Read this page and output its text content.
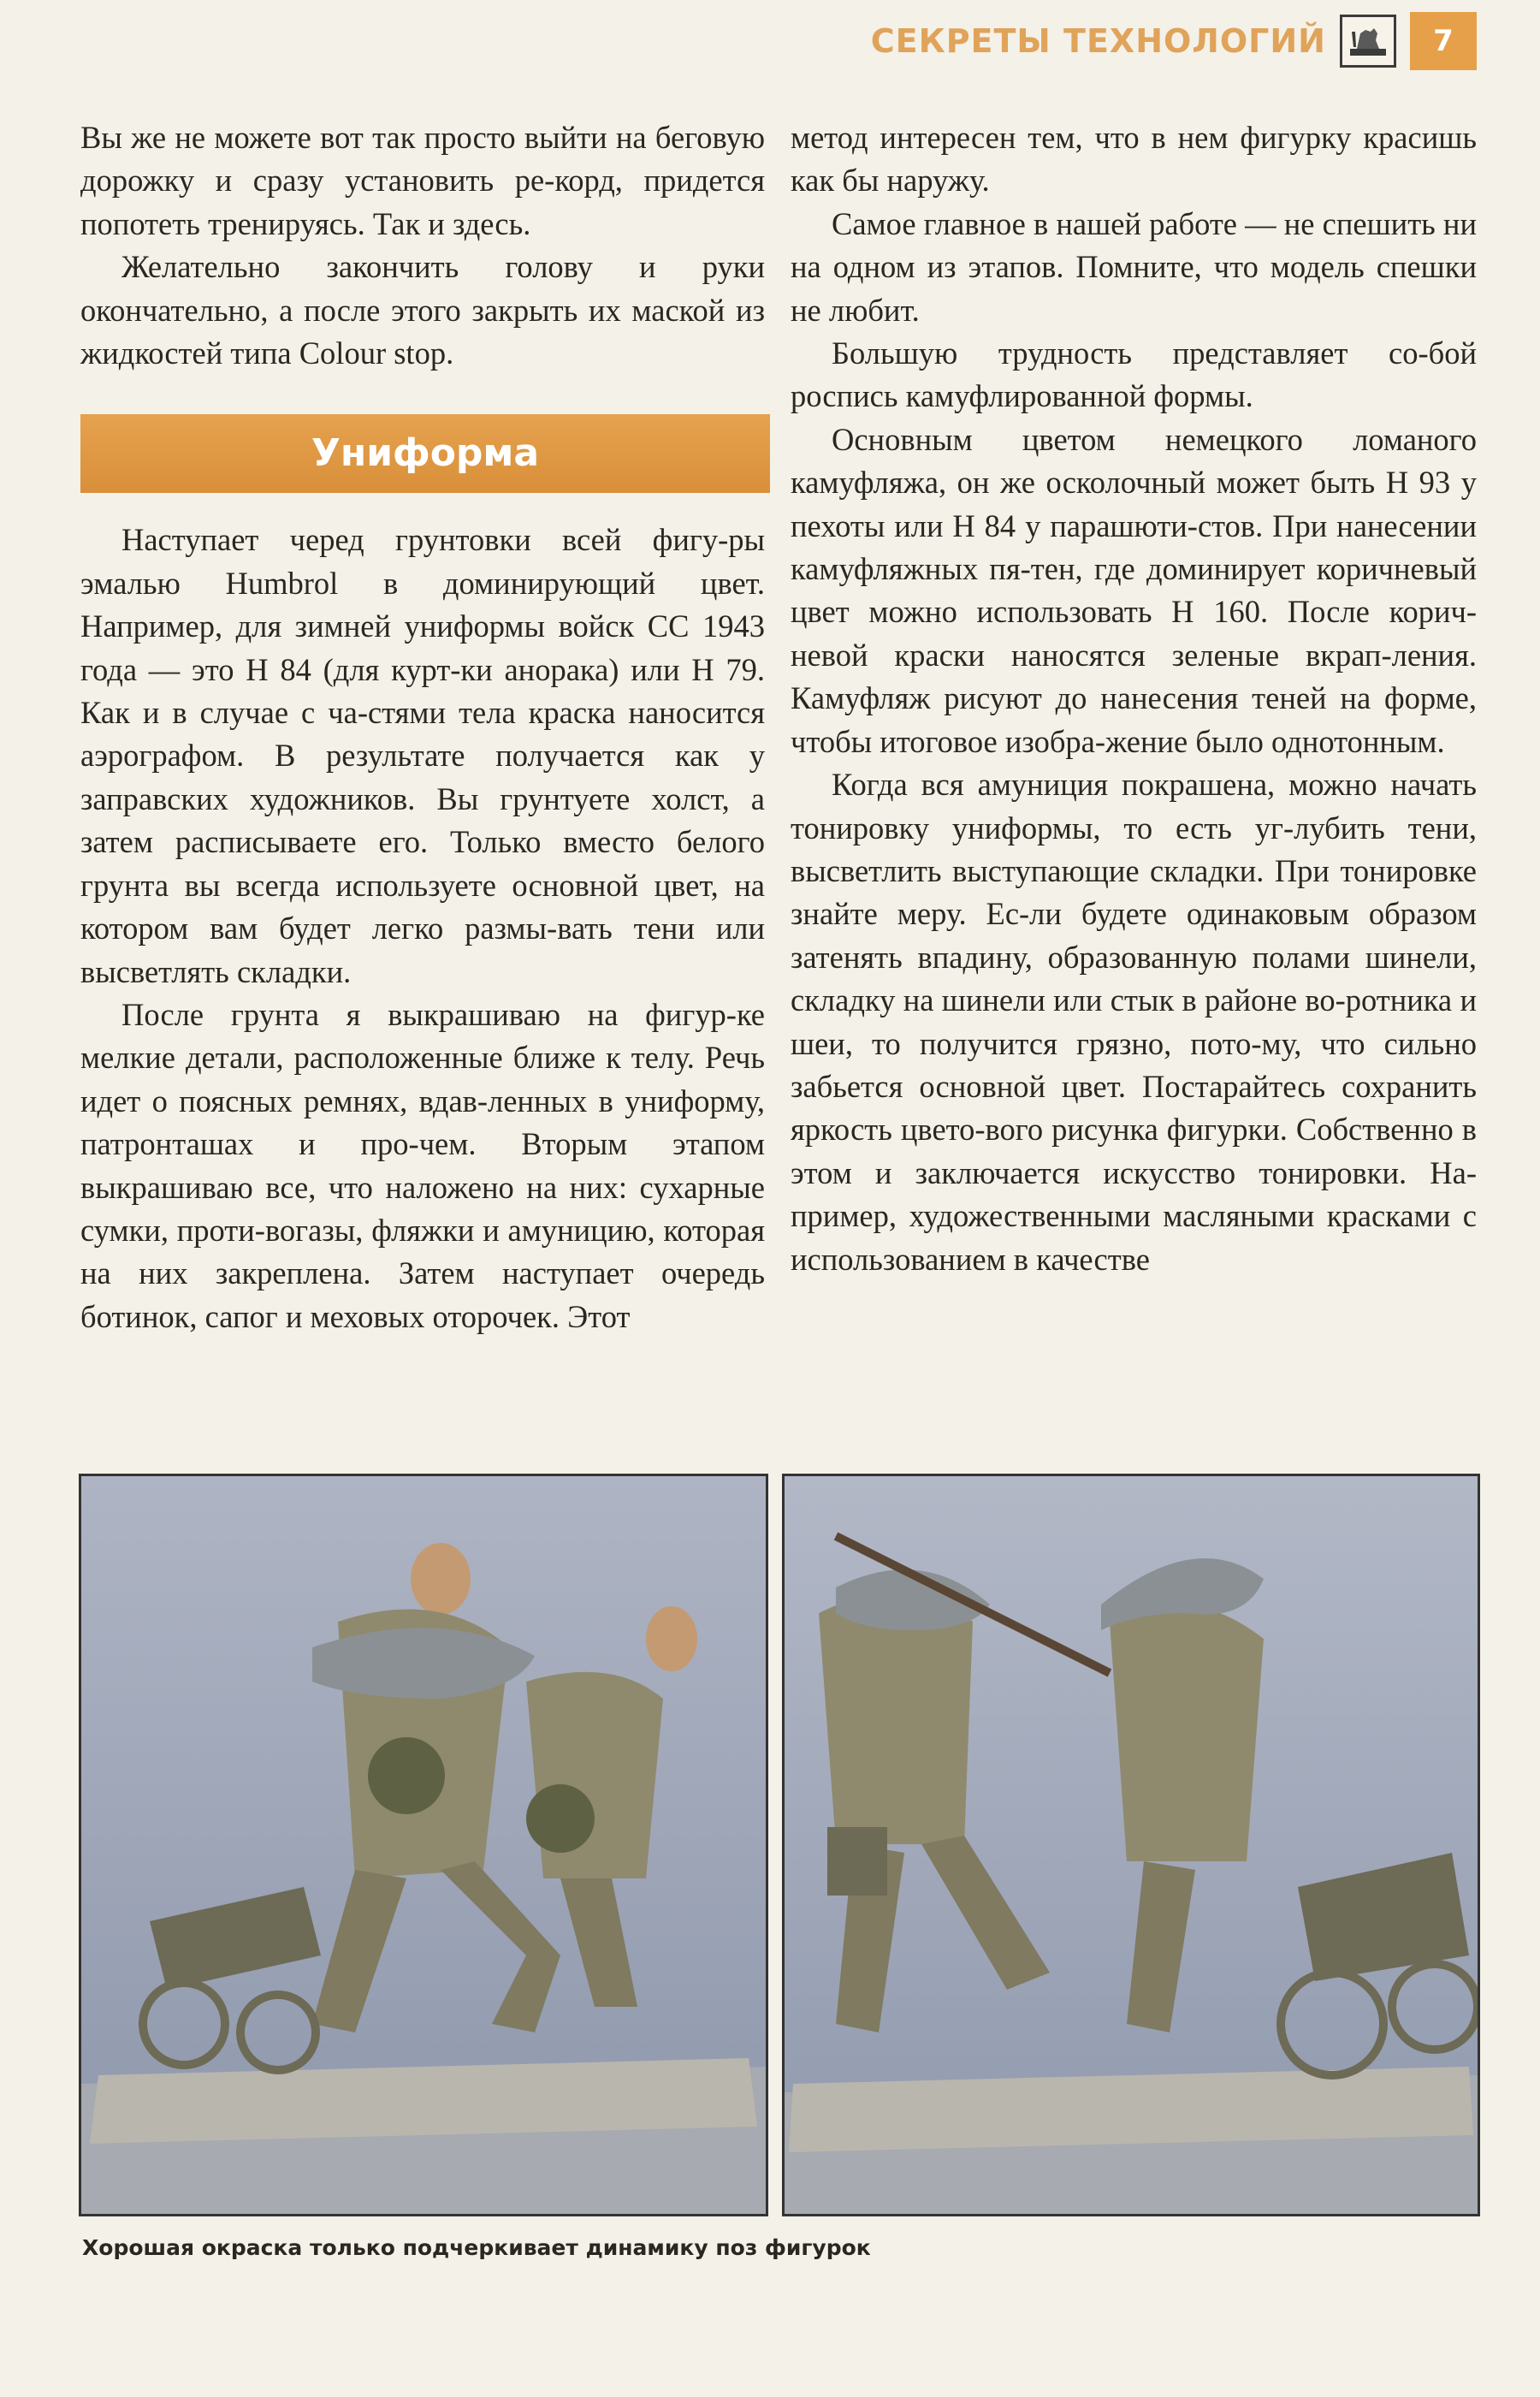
СЕКРЕТЫ ТЕХНОЛОГИЙ	7

Вы же не можете вот так просто выйти на беговую дорожку и сразу установить ре-корд, придется попотеть тренируясь. Так и здесь.

Желательно закончить голову и руки окончательно, а после этого закрыть их маской из жидкостей типа Colour stop.

Униформа

Наступает черед грунтовки всей фигу-ры эмалью Humbrol в доминирующий цвет. Например, для зимней униформы войск СС 1943 года — это Н 84 (для курт-ки анорака) или Н 79. Как и в случае с ча-стями тела краска наносится аэрографом. В результате получается как у заправских художников. Вы грунтуете холст, а затем расписываете его. Только вместо белого грунта вы всегда используете основной цвет, на котором вам будет легко размы-вать тени или высветлять складки.

После грунта я выкрашиваю на фигур-ке мелкие детали, расположенные ближе к телу. Речь идет о поясных ремнях, вдав-ленных в униформу, патронташах и про-чем. Вторым этапом выкрашиваю все, что наложено на них: сухарные сумки, проти-вогазы, фляжки и амуницию, которая на них закреплена. Затем наступает очередь ботинок, сапог и меховых оторочек. Этот

метод интересен тем, что в нем фигурку красишь как бы наружу.

Самое главное в нашей работе — не спешить ни на одном из этапов. Помните, что модель спешки не любит.

Большую трудность представляет со-бой роспись камуфлированной формы.

Основным цветом немецкого ломаного камуфляжа, он же осколочный может быть Н 93 у пехоты или Н 84 у парашюти-стов. При нанесении камуфляжных пя-тен, где доминирует коричневый цвет можно использовать Н 160. После корич-невой краски наносятся зеленые вкрап-ления. Камуфляж рисуют до нанесения теней на форме, чтобы итоговое изобра-жение было однотонным.

Когда вся амуниция покрашена, можно начать тонировку униформы, то есть уг-лубить тени, высветлить выступающие складки. При тонировке знайте меру. Ес-ли будете одинаковым образом затенять впадину, образованную полами шинели, складку на шинели или стык в районе во-ротника и шеи, то получится грязно, пото-му, что сильно забьется основной цвет. Постарайтесь сохранить яркость цвето-вого рисунка фигурки. Собственно в этом и заключается искусство тонировки. На-пример, художественными масляными красками с использованием в качестве

Хорошая окраска только подчеркивает динамику поз фигурок
